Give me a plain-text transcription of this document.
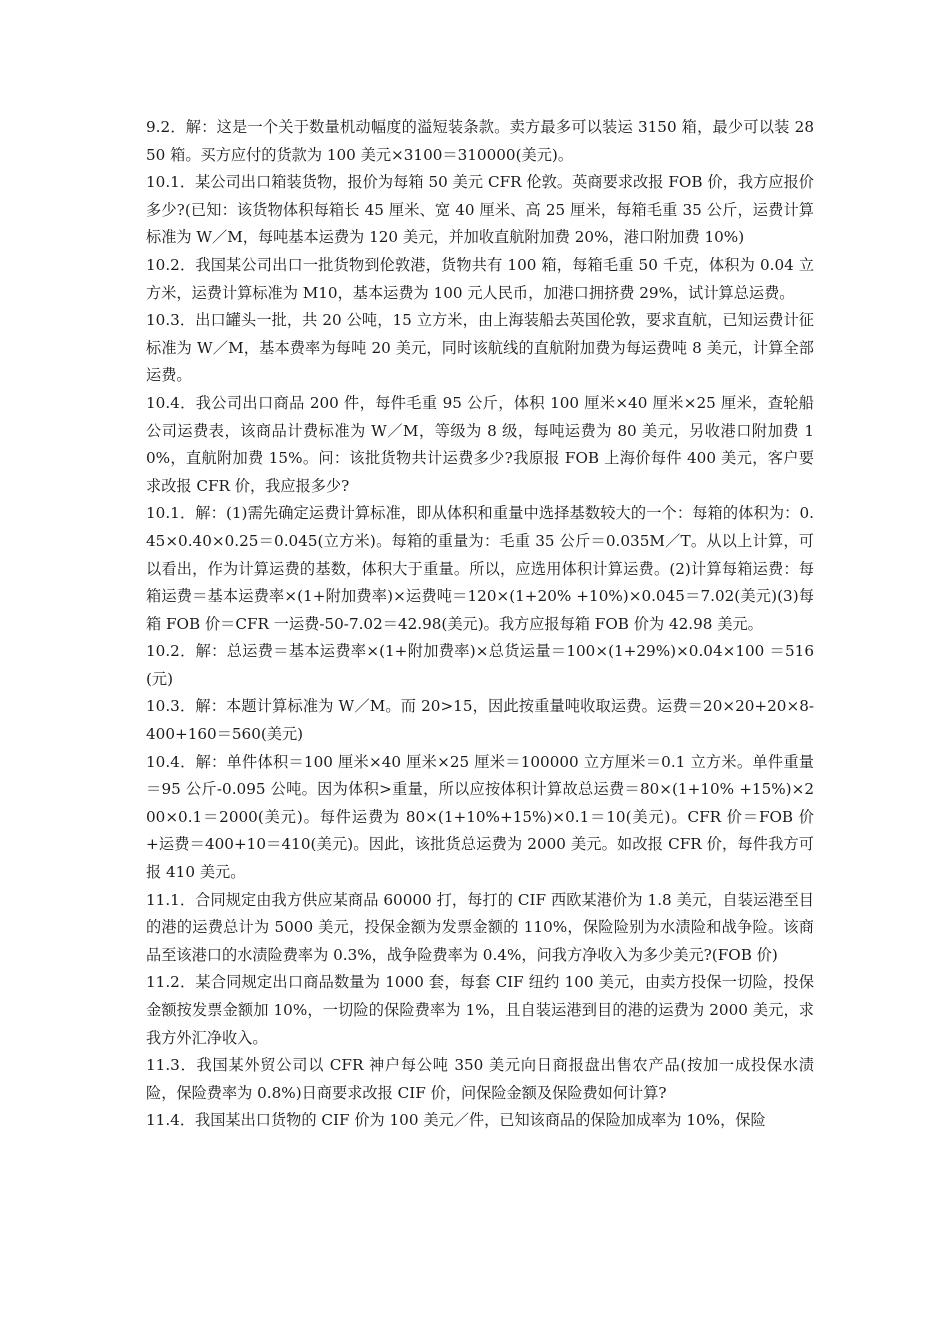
9.2．解：这是一个关于数量机动幅度的溢短装条款。卖方最多可以装运 3150 箱，最少可以装 2850 箱。买方应付的货款为 100 美元×3100＝310000(美元)。

10.1．某公司出口箱装货物，报价为每箱 50 美元 CFR 伦敦。英商要求改报 FOB 价，我方应报价多少?(已知：该货物体积每箱长 45 厘米、宽 40 厘米、高 25 厘米，每箱毛重 35 公斤，运费计算标准为 W／M，每吨基本运费为 120 美元，并加收直航附加费 20%，港口附加费 10%)

10.2．我国某公司出口一批货物到伦敦港，货物共有 100 箱，每箱毛重 50 千克，体积为 0.04 立方米，运费计算标准为 M10，基本运费为 100 元人民币，加港口拥挤费 29%，试计算总运费。

10.3．出口罐头一批，共 20 公吨，15 立方米，由上海装船去英国伦敦，要求直航，已知运费计征标准为 W／M，基本费率为每吨 20 美元，同时该航线的直航附加费为每运费吨 8 美元，计算全部运费。

10.4．我公司出口商品 200 件，每件毛重 95 公斤，体积 100 厘米×40 厘米×25 厘米，查轮船公司运费表，该商品计费标准为 W／M，等级为 8 级，每吨运费为 80 美元，另收港口附加费 10%，直航附加费 15%。问：该批货物共计运费多少?我原报 FOB 上海价每件 400 美元，客户要求改报 CFR 价，我应报多少?

10.1．解：(1)需先确定运费计算标准，即从体积和重量中选择基数较大的一个：每箱的体积为：0.45×0.40×0.25＝0.045(立方米)。每箱的重量为：毛重 35 公斤＝0.035M／T。从以上计算，可以看出，作为计算运费的基数，体积大于重量。所以，应选用体积计算运费。(2)计算每箱运费：每箱运费＝基本运费率×(1+附加费率)×运费吨＝120×(1+20% +10%)×0.045＝7.02(美元)(3)每箱 FOB 价＝CFR 一运费-50-7.02＝42.98(美元)。我方应报每箱 FOB 价为 42.98 美元。

10.2．解：总运费＝基本运费率×(1+附加费率)×总货运量＝100×(1+29%)×0.04×100 ＝516(元)

10.3．解：本题计算标准为 W／M。而 20>15，因此按重量吨收取运费。运费＝20×20+20×8-400+160＝560(美元)

10.4．解：单件体积＝100 厘米×40 厘米×25 厘米＝100000 立方厘米＝0.1 立方米。单件重量＝95 公斤-0.095 公吨。因为体积>重量，所以应按体积计算故总运费＝80×(1+10% +15%)×200×0.1＝2000(美元)。每件运费为 80×(1+10%+15%)×0.1＝10(美元)。CFR 价＝FOB 价+运费＝400+10＝410(美元)。因此，该批货总运费为 2000 美元。如改报 CFR 价，每件我方可报 410 美元。

11.1．合同规定由我方供应某商品 60000 打，每打的 CIF 西欧某港价为 1.8 美元，自装运港至目的港的运费总计为 5000 美元，投保金额为发票金额的 110%，保险险别为水渍险和战争险。该商品至该港口的水渍险费率为 0.3%，战争险费率为 0.4%，问我方净收入为多少美元?(FOB 价)

11.2．某合同规定出口商品数量为 1000 套，每套 CIF 纽约 100 美元，由卖方投保一切险，投保金额按发票金额加 10%，一切险的保险费率为 1%，且自装运港到目的港的运费为 2000 美元，求我方外汇净收入。

11.3．我国某外贸公司以 CFR 神户每公吨 350 美元向日商报盘出售农产品(按加一成投保水渍险，保险费率为 0.8%)日商要求改报 CIF 价，问保险金额及保险费如何计算?

11.4．我国某出口货物的 CIF 价为 100 美元／件，已知该商品的保险加成率为 10%，保险
